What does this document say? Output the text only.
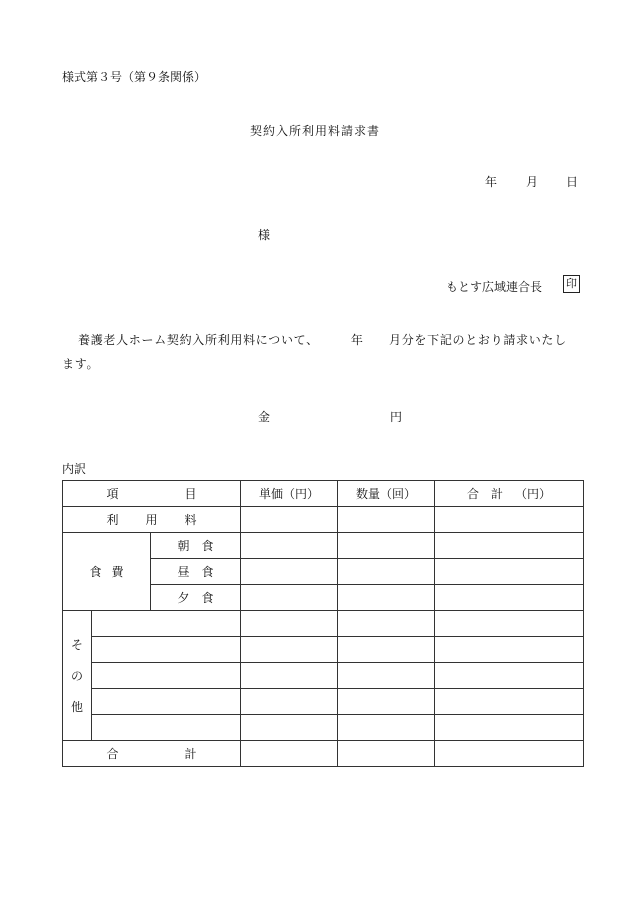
様式第３号（第９条関係）
契約入所利用料請求書
年 月 日
様
もとす広域連合長 印
養護老人ホーム契約入所利用料について、　　　年　　月分を下記のとおり請求いたし
ます。
金	円
内訳
項 目			単価（円）	数量（回）	合 計 （円）

利 用 料					

食 費		朝 食			

		昼 食			

		夕 食			

そ
の
他					

合 計					
